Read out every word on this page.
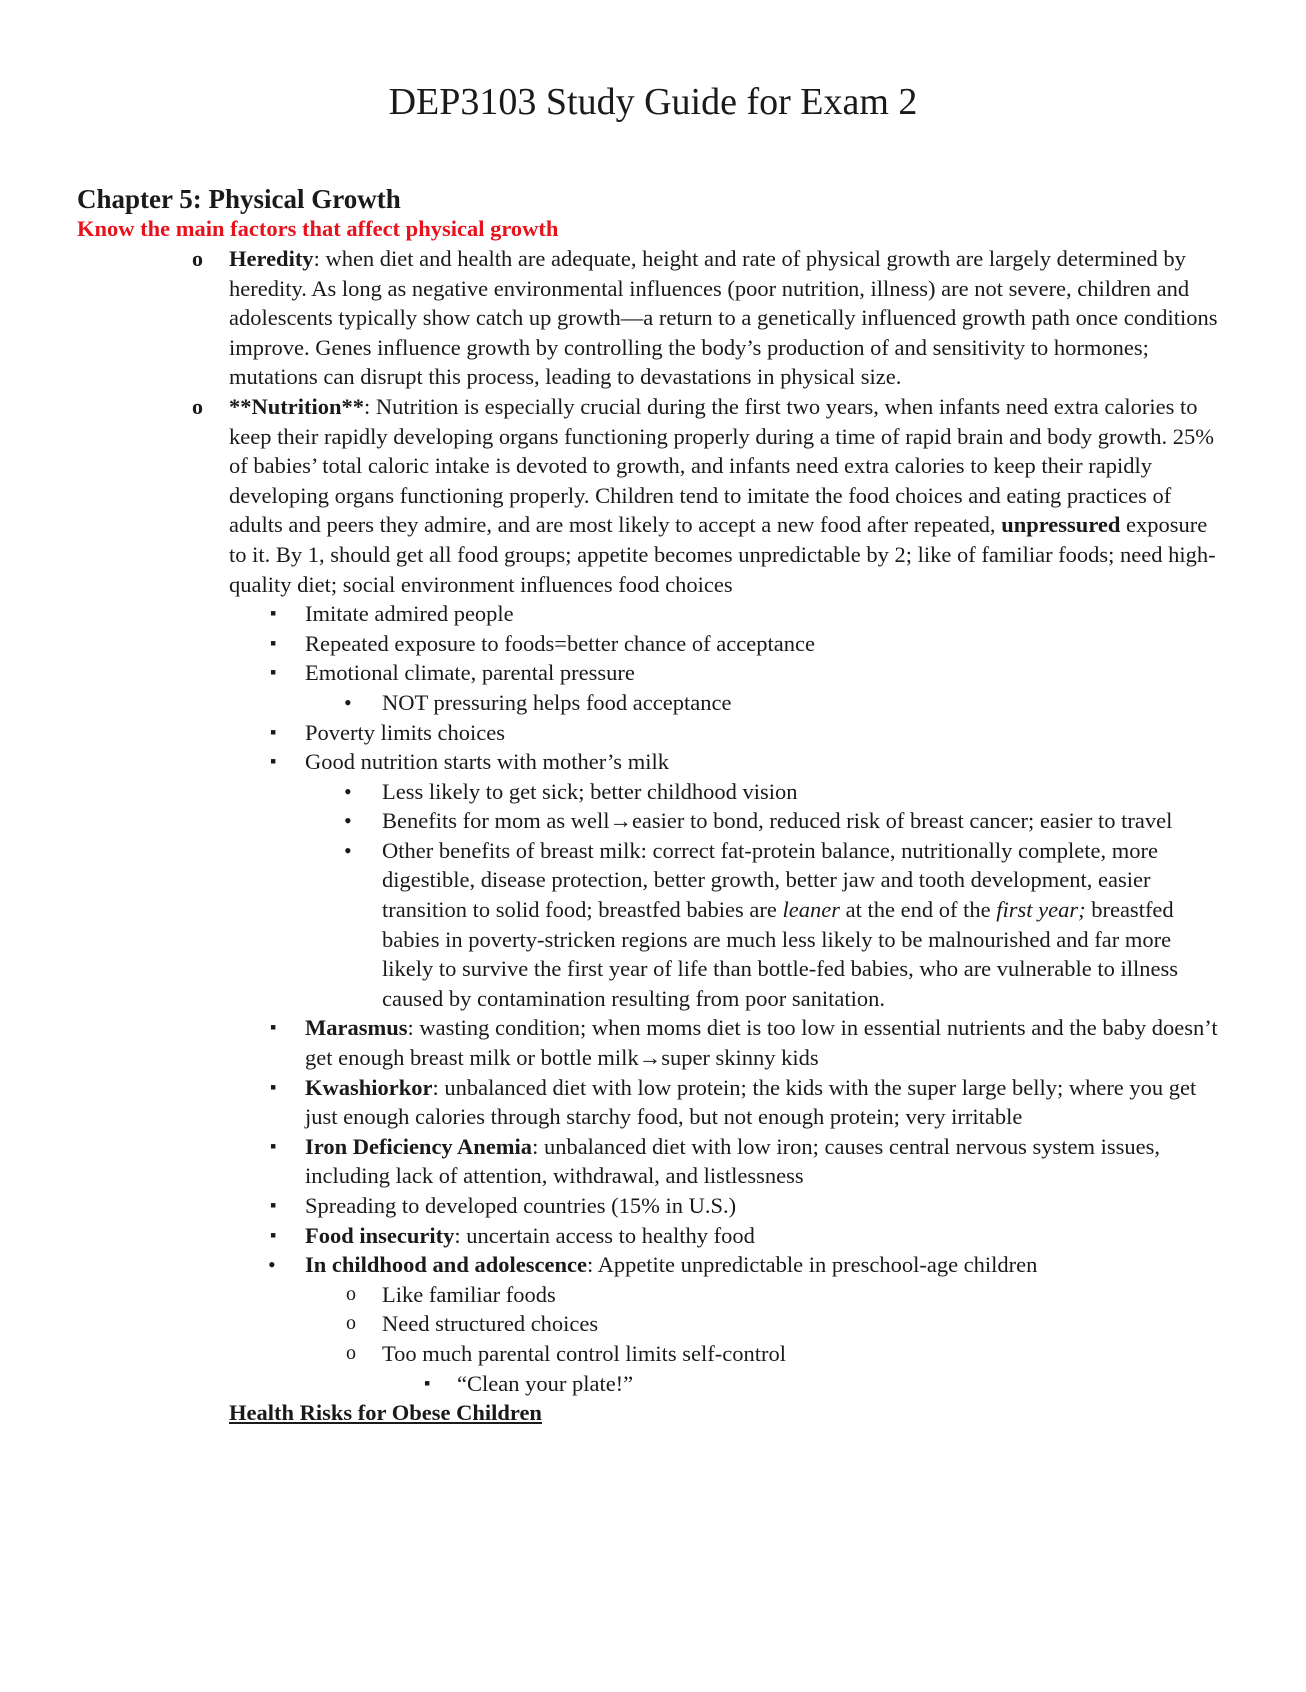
DEP3103 Study Guide for Exam 2
Chapter 5: Physical Growth
Know the main factors that affect physical growth
o Heredity: when diet and health are adequate, height and rate of physical growth are largely determined by heredity. As long as negative environmental influences (poor nutrition, illness) are not severe, children and adolescents typically show catch up growth—a return to a genetically influenced growth path once conditions improve. Genes influence growth by controlling the body’s production of and sensitivity to hormones; mutations can disrupt this process, leading to devastations in physical size.
o **Nutrition**: Nutrition is especially crucial during the first two years, when infants need extra calories to keep their rapidly developing organs functioning properly during a time of rapid brain and body growth. 25% of babies’ total caloric intake is devoted to growth, and infants need extra calories to keep their rapidly developing organs functioning properly. Children tend to imitate the food choices and eating practices of adults and peers they admire, and are most likely to accept a new food after repeated, unpressured exposure to it. By 1, should get all food groups; appetite becomes unpredictable by 2; like of familiar foods; need high-quality diet; social environment influences food choices
▪ Imitate admired people
▪ Repeated exposure to foods=better chance of acceptance
▪ Emotional climate, parental pressure
• NOT pressuring helps food acceptance
▪ Poverty limits choices
▪ Good nutrition starts with mother’s milk
• Less likely to get sick; better childhood vision
• Benefits for mom as well→easier to bond, reduced risk of breast cancer; easier to travel
• Other benefits of breast milk: correct fat-protein balance, nutritionally complete, more digestible, disease protection, better growth, better jaw and tooth development, easier transition to solid food; breastfed babies are leaner at the end of the first year; breastfed babies in poverty-stricken regions are much less likely to be malnourished and far more likely to survive the first year of life than bottle-fed babies, who are vulnerable to illness caused by contamination resulting from poor sanitation.
▪ Marasmus: wasting condition; when moms diet is too low in essential nutrients and the baby doesn’t get enough breast milk or bottle milk→super skinny kids
▪ Kwashiorkor: unbalanced diet with low protein; the kids with the super large belly; where you get just enough calories through starchy food, but not enough protein; very irritable
▪ Iron Deficiency Anemia: unbalanced diet with low iron; causes central nervous system issues, including lack of attention, withdrawal, and listlessness
▪ Spreading to developed countries (15% in U.S.)
▪ Food insecurity: uncertain access to healthy food
• In childhood and adolescence: Appetite unpredictable in preschool-age children
o Like familiar foods
o Need structured choices
o Too much parental control limits self-control
▪ “Clean your plate!”
Health Risks for Obese Children
